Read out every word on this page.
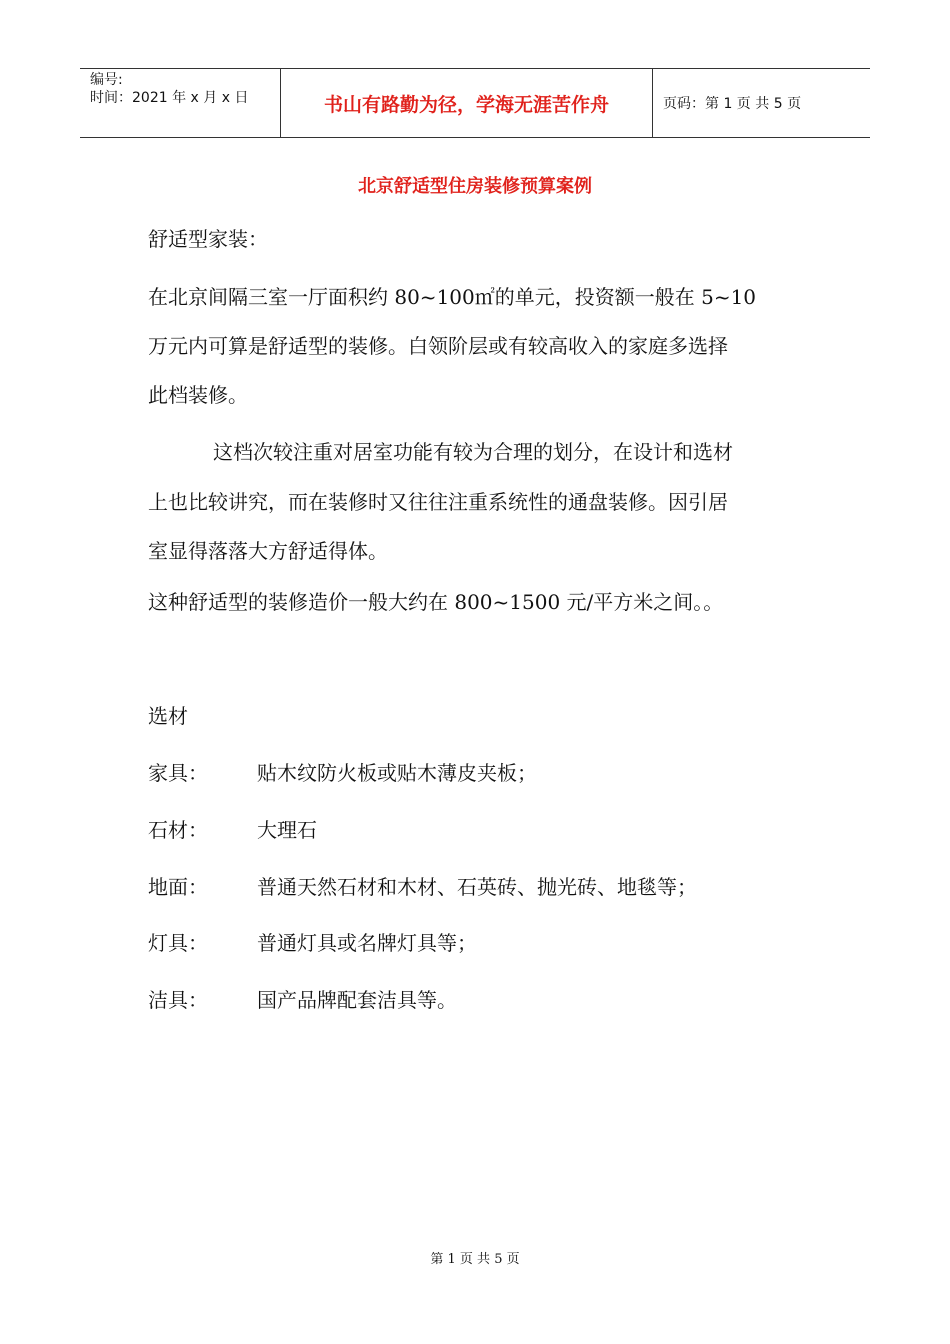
编号:
时间：2021 年 x 月 x 日	书山有路勤为径，学海无涯苦作舟	页码：第 1 页 共 5 页
北京舒适型住房装修预算案例
舒适型家装：
在北京间隔三室一厅面积约 80~100㎡的单元，投资额一般在 5~10
万元内可算是舒适型的装修。白领阶层或有较高收入的家庭多选择
此档装修。
这档次较注重对居室功能有较为合理的划分，在设计和选材
上也比较讲究，而在装修时又往往注重系统性的通盘装修。因引居
室显得落落大方舒适得体。
这种舒适型的装修造价一般大约在 800~1500 元/平方米之间。。
选材
家具： 贴木纹防火板或贴木薄皮夹板；
石材： 大理石
地面： 普通天然石材和木材、石英砖、抛光砖、地毯等；
灯具： 普通灯具或名牌灯具等；
洁具： 国产品牌配套洁具等。
第 1 页 共 5 页
